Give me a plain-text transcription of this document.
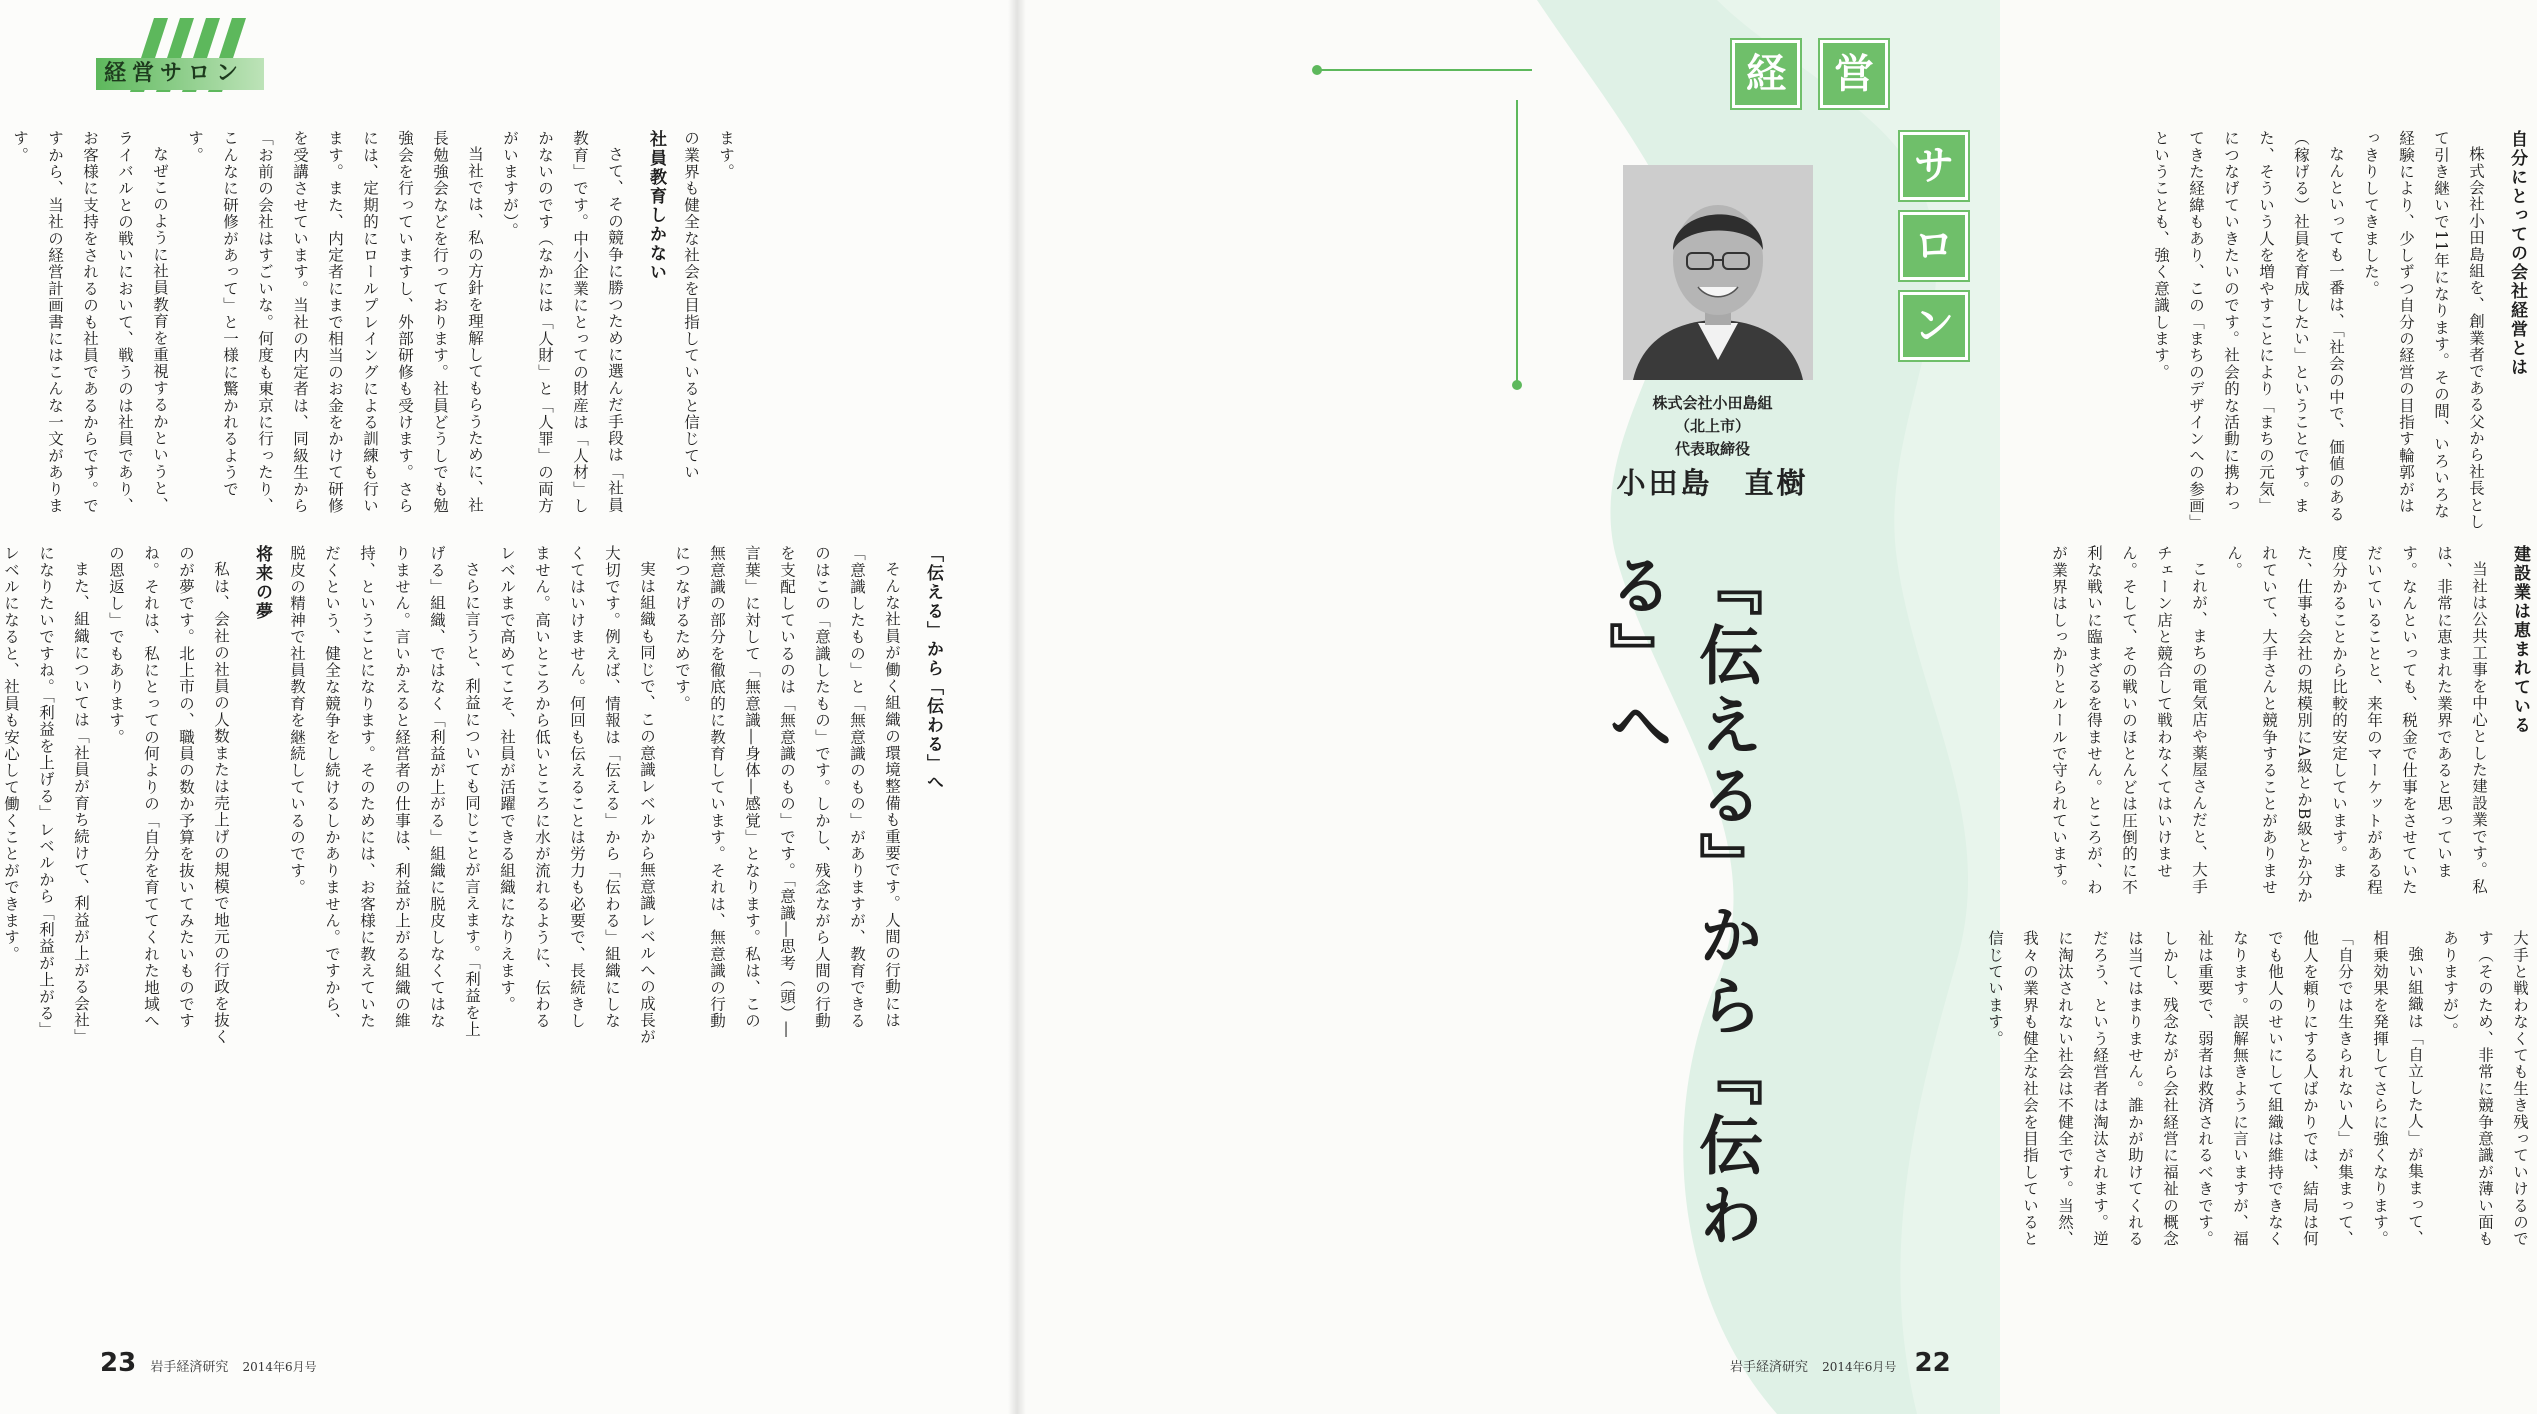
経営サロン

ます。

の業界も健全な社会を目指していると信じてい

社員教育しかない

さて、その競争に勝つために選んだ手段は「社員教育」です。中小企業にとっての財産は「人材」しかないのです（なかには「人財」と「人罪」の両方がいますが）。

当社では、私の方針を理解してもらうために、社長勉強会などを行っております。社員どうしでも勉強会を行っていますし、外部研修も受けます。さらには、定期的にロールプレイングによる訓練も行います。また、内定者にまで相当のお金をかけて研修を受講させています。当社の内定者は、同級生から「お前の会社はすごいな。何度も東京に行ったり、こんなに研修があって」と一様に驚かれるようです。

なぜこのように社員教育を重視するかというと、ライバルとの戦いにおいて、戦うのは社員であり、お客様に支持をされるのも社員であるからです。ですから、当社の経営計画書にはこんな一文があります。

「伝える」から「伝わる」へ

そんな社員が働く組織の環境整備も重要です。人間の行動には「意識したもの」と「無意識のもの」がありますが、教育できるのはこの「意識したもの」です。しかし、残念ながら人間の行動を支配しているのは「無意識のもの」です。「意識―思考（頭）―言葉」に対して「無意識―身体―感覚」となります。私は、この無意識の部分を徹底的に教育しています。それは、無意識の行動につなげるためです。

実は組織も同じで、この意識レベルから無意識レベルへの成長が大切です。例えば、情報は「伝える」から「伝わる」組織にしなくてはいけません。何回も伝えることは労力も必要で、長続きしません。高いところから低いところに水が流れるように、伝わるレベルまで高めてこそ、社員が活躍できる組織になりえます。

さらに言うと、利益についても同じことが言えます。「利益を上げる」組織、ではなく「利益が上がる」組織に脱皮しなくてはなりません。言いかえると経営者の仕事は、利益が上がる組織の維持、ということになります。そのためには、お客様に教えていただくという、健全な競争をし続けるしかありません。ですから、脱皮の精神で社員教育を継続しているのです。

将来の夢

私は、会社の社員の人数または売上げの規模で地元の行政を抜くのが夢です。北上市の、職員の数か予算を抜いてみたいものですね。それは、私にとっての何よりの「自分を育ててくれた地域への恩返し」でもあります。

また、組織については「社員が育ち続けて、利益が上がる会社」になりたいですね。「利益を上げる」レベルから「利益が上がる」レベルになると、社員も安心して働くことができます。

23 岩手経済研究 2014年6月号
自分にとっての会社経営とは

株式会社小田島組を、創業者である父から社長として引き継いで11年になります。その間、いろいろな経験により、少しずつ自分の経営の目指す輪郭がはっきりしてきました。

なんといっても一番は、「社会の中で、価値のある（稼げる）社員を育成したい」ということです。また、そういう人を増やすことにより「まちの元気」につなげていきたいのです。社会的な活動に携わってきた経緯もあり、この「まちのデザインへの参画」ということも、強く意識します。

建設業は恵まれている

当社は公共工事を中心とした建設業です。私は、非常に恵まれた業界であると思っています。なんといっても、税金で仕事をさせていただいていることと、来年のマーケットがある程度分かることから比較的安定しています。また、仕事も会社の規模別にA級とかB級とか分かれていて、大手さんと競争することがありません。

これが、まちの電気店や薬屋さんだと、大手チェーン店と競合して戦わなくてはいけません。そして、その戦いのほとんどは圧倒的に不利な戦いに臨まざるを得ません。ところが、わが業界はしっかりとルールで守られています。

大手と戦わなくても生き残っていけるのです（そのため、非常に競争意識が薄い面もありますが）。

強い組織は「自立した人」が集まって、相乗効果を発揮してさらに強くなります。「自分では生きられない人」が集まって、他人を頼りにする人ばかりでは、結局は何でも他人のせいにして組織は維持できなくなります。誤解無きように言いますが、福祉は重要で、弱者は救済されるべきです。しかし、残念ながら会社経営に福祉の概念は当てはまりません。誰かが助けてくれるだろう、という経営者は淘汰されます。逆に淘汰されない社会は不健全です。当然、我々の業界も健全な社会を目指していると信じています。

岩手経済研究 2014年6月号 22
経	営
サ
ロ
ン
株式会社小田島組
（北上市）
代表取締役
小田島　直樹
『伝える』から『伝わる』へ
